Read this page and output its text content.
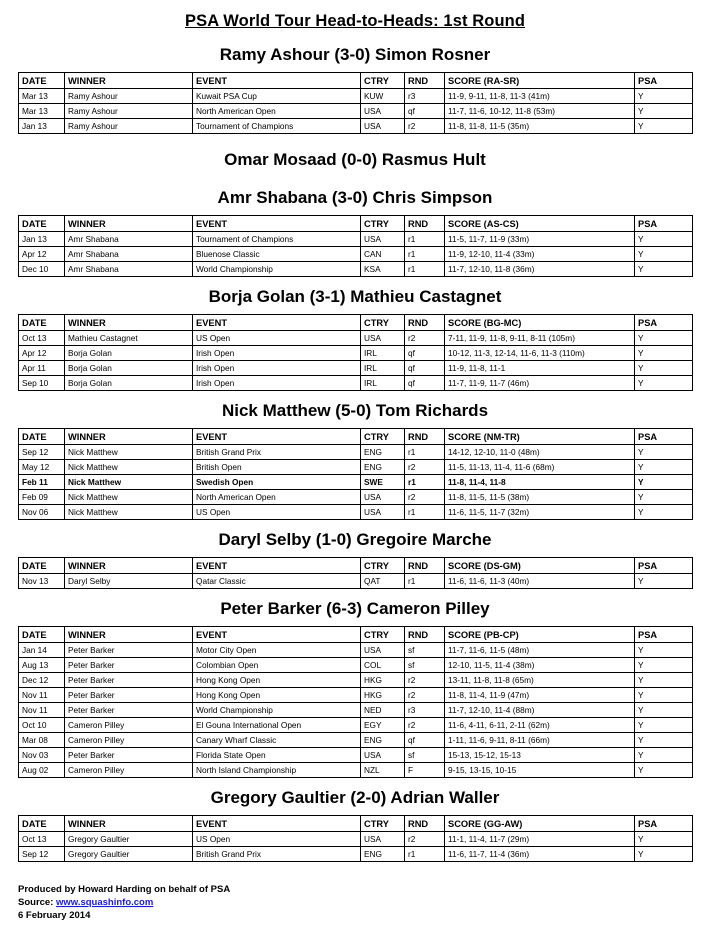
PSA World Tour Head-to-Heads: 1st Round
Ramy Ashour (3-0) Simon Rosner
DATE	WINNER	EVENT	CTRY	RND	SCORE (RA-SR)	PSA
Mar 13	Ramy Ashour	Kuwait PSA Cup	KUW	r3	11-9, 9-11, 11-8, 11-3 (41m)	Y
Mar 13	Ramy Ashour	North American Open	USA	qf	11-7, 11-6, 10-12, 11-8 (53m)	Y
Jan 13	Ramy Ashour	Tournament of Champions	USA	r2	11-8, 11-8, 11-5 (35m)	Y
Omar Mosaad (0-0) Rasmus Hult
Amr Shabana (3-0) Chris Simpson
DATE	WINNER	EVENT	CTRY	RND	SCORE (AS-CS)	PSA
Jan 13	Amr Shabana	Tournament of Champions	USA	r1	11-5, 11-7, 11-9 (33m)	Y
Apr 12	Amr Shabana	Bluenose Classic	CAN	r1	11-9, 12-10, 11-4 (33m)	Y
Dec 10	Amr Shabana	World Championship	KSA	r1	11-7, 12-10, 11-8 (36m)	Y
Borja Golan (3-1) Mathieu Castagnet
DATE	WINNER	EVENT	CTRY	RND	SCORE (BG-MC)	PSA
Oct 13	Mathieu Castagnet	US Open	USA	r2	7-11, 11-9, 11-8, 9-11, 8-11 (105m)	Y
Apr 12	Borja Golan	Irish Open	IRL	qf	10-12, 11-3, 12-14, 11-6, 11-3 (110m)	Y
Apr 11	Borja Golan	Irish Open	IRL	qf	11-9, 11-8, 11-1	Y
Sep 10	Borja Golan	Irish Open	IRL	qf	11-7, 11-9, 11-7 (46m)	Y
Nick Matthew (5-0) Tom Richards
DATE	WINNER	EVENT	CTRY	RND	SCORE (NM-TR)	PSA
Sep 12	Nick Matthew	British Grand Prix	ENG	r1	14-12, 12-10, 11-0 (48m)	Y
May 12	Nick Matthew	British Open	ENG	r2	11-5, 11-13, 11-4, 11-6 (68m)	Y
Feb 11	Nick Matthew	Swedish Open	SWE	r1	11-8, 11-4, 11-8	Y
Feb 09	Nick Matthew	North American Open	USA	r2	11-8, 11-5, 11-5 (38m)	Y
Nov 06	Nick Matthew	US Open	USA	r1	11-6, 11-5, 11-7 (32m)	Y
Daryl Selby (1-0) Gregoire Marche
DATE	WINNER	EVENT	CTRY	RND	SCORE (DS-GM)	PSA
Nov 13	Daryl Selby	Qatar Classic	QAT	r1	11-6, 11-6, 11-3 (40m)	Y
Peter Barker (6-3) Cameron Pilley
DATE	WINNER	EVENT	CTRY	RND	SCORE (PB-CP)	PSA
Jan 14	Peter Barker	Motor City Open	USA	sf	11-7, 11-6, 11-5 (48m)	Y
Aug 13	Peter Barker	Colombian Open	COL	sf	12-10, 11-5, 11-4 (38m)	Y
Dec 12	Peter Barker	Hong Kong Open	HKG	r2	13-11, 11-8, 11-8 (65m)	Y
Nov 11	Peter Barker	Hong Kong Open	HKG	r2	11-8, 11-4, 11-9 (47m)	Y
Nov 11	Peter Barker	World Championship	NED	r3	11-7, 12-10, 11-4 (88m)	Y
Oct 10	Cameron Pilley	El Gouna International Open	EGY	r2	11-6, 4-11, 6-11, 2-11 (62m)	Y
Mar 08	Cameron Pilley	Canary Wharf Classic	ENG	qf	1-11, 11-6, 9-11, 8-11 (66m)	Y
Nov 03	Peter Barker	Florida State Open	USA	sf	15-13, 15-12, 15-13	Y
Aug 02	Cameron Pilley	North Island Championship	NZL	F	9-15, 13-15, 10-15	Y
Gregory Gaultier (2-0) Adrian Waller
DATE	WINNER	EVENT	CTRY	RND	SCORE (GG-AW)	PSA
Oct 13	Gregory Gaultier	US Open	USA	r2	11-1, 11-4, 11-7 (29m)	Y
Sep 12	Gregory Gaultier	British Grand Prix	ENG	r1	11-6, 11-7, 11-4 (36m)	Y
Produced by Howard Harding on behalf of PSA
Source: www.squashinfo.com
6 February 2014
